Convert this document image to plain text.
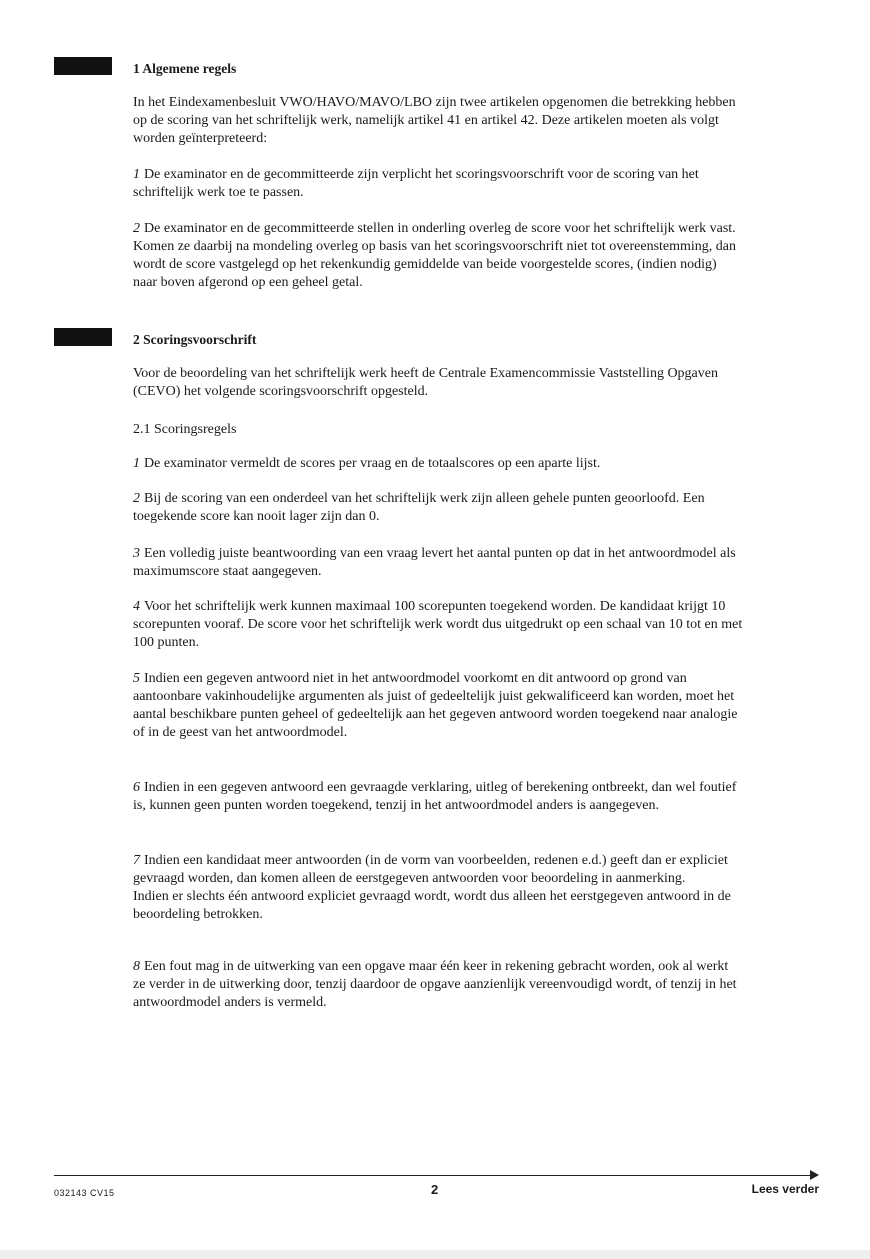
1 Algemene regels

In het Eindexamenbesluit VWO/HAVO/MAVO/LBO zijn twee artikelen opgenomen die betrekking hebben op de scoring van het schriftelijk werk, namelijk artikel 41 en artikel 42. Deze artikelen moeten als volgt worden geïnterpreteerd:

1 De examinator en de gecommitteerde zijn verplicht het scoringsvoorschrift voor de scoring van het schriftelijk werk toe te passen.

2 De examinator en de gecommitteerde stellen in onderling overleg de score voor het schriftelijk werk vast. Komen ze daarbij na mondeling overleg op basis van het scoringsvoorschrift niet tot overeenstemming, dan wordt de score vastgelegd op het rekenkundig gemiddelde van beide voorgestelde scores, (indien nodig) naar boven afgerond op een geheel getal.

2 Scoringsvoorschrift

Voor de beoordeling van het schriftelijk werk heeft de Centrale Examencommissie Vaststelling Opgaven (CEVO) het volgende scoringsvoorschrift opgesteld.

2.1 Scoringsregels

1 De examinator vermeldt de scores per vraag en de totaalscores op een aparte lijst.

2 Bij de scoring van een onderdeel van het schriftelijk werk zijn alleen gehele punten geoorloofd. Een toegekende score kan nooit lager zijn dan 0.

3 Een volledig juiste beantwoording van een vraag levert het aantal punten op dat in het antwoordmodel als maximumscore staat aangegeven.

4 Voor het schriftelijk werk kunnen maximaal 100 scorepunten toegekend worden. De kandidaat krijgt 10 scorepunten vooraf. De score voor het schriftelijk werk wordt dus uitgedrukt op een schaal van 10 tot en met 100 punten.

5 Indien een gegeven antwoord niet in het antwoordmodel voorkomt en dit antwoord op grond van aantoonbare vakinhoudelijke argumenten als juist of gedeeltelijk juist gekwalificeerd kan worden, moet het aantal beschikbare punten geheel of gedeeltelijk aan het gegeven antwoord worden toegekend naar analogie of in de geest van het antwoordmodel.

6 Indien in een gegeven antwoord een gevraagde verklaring, uitleg of berekening ontbreekt, dan wel foutief is, kunnen geen punten worden toegekend, tenzij in het antwoordmodel anders is aangegeven.

7 Indien een kandidaat meer antwoorden (in de vorm van voorbeelden, redenen e.d.) geeft dan er expliciet gevraagd worden, dan komen alleen de eerstgegeven antwoorden voor beoordeling in aanmerking.
Indien er slechts één antwoord expliciet gevraagd wordt, wordt dus alleen het eerstgegeven antwoord in de beoordeling betrokken.

8 Een fout mag in de uitwerking van een opgave maar één keer in rekening gebracht worden, ook al werkt ze verder in de uitwerking door, tenzij daardoor de opgave aanzienlijk vereenvoudigd wordt, of tenzij in het antwoordmodel anders is vermeld.

032143 CV15	2	Lees verder
